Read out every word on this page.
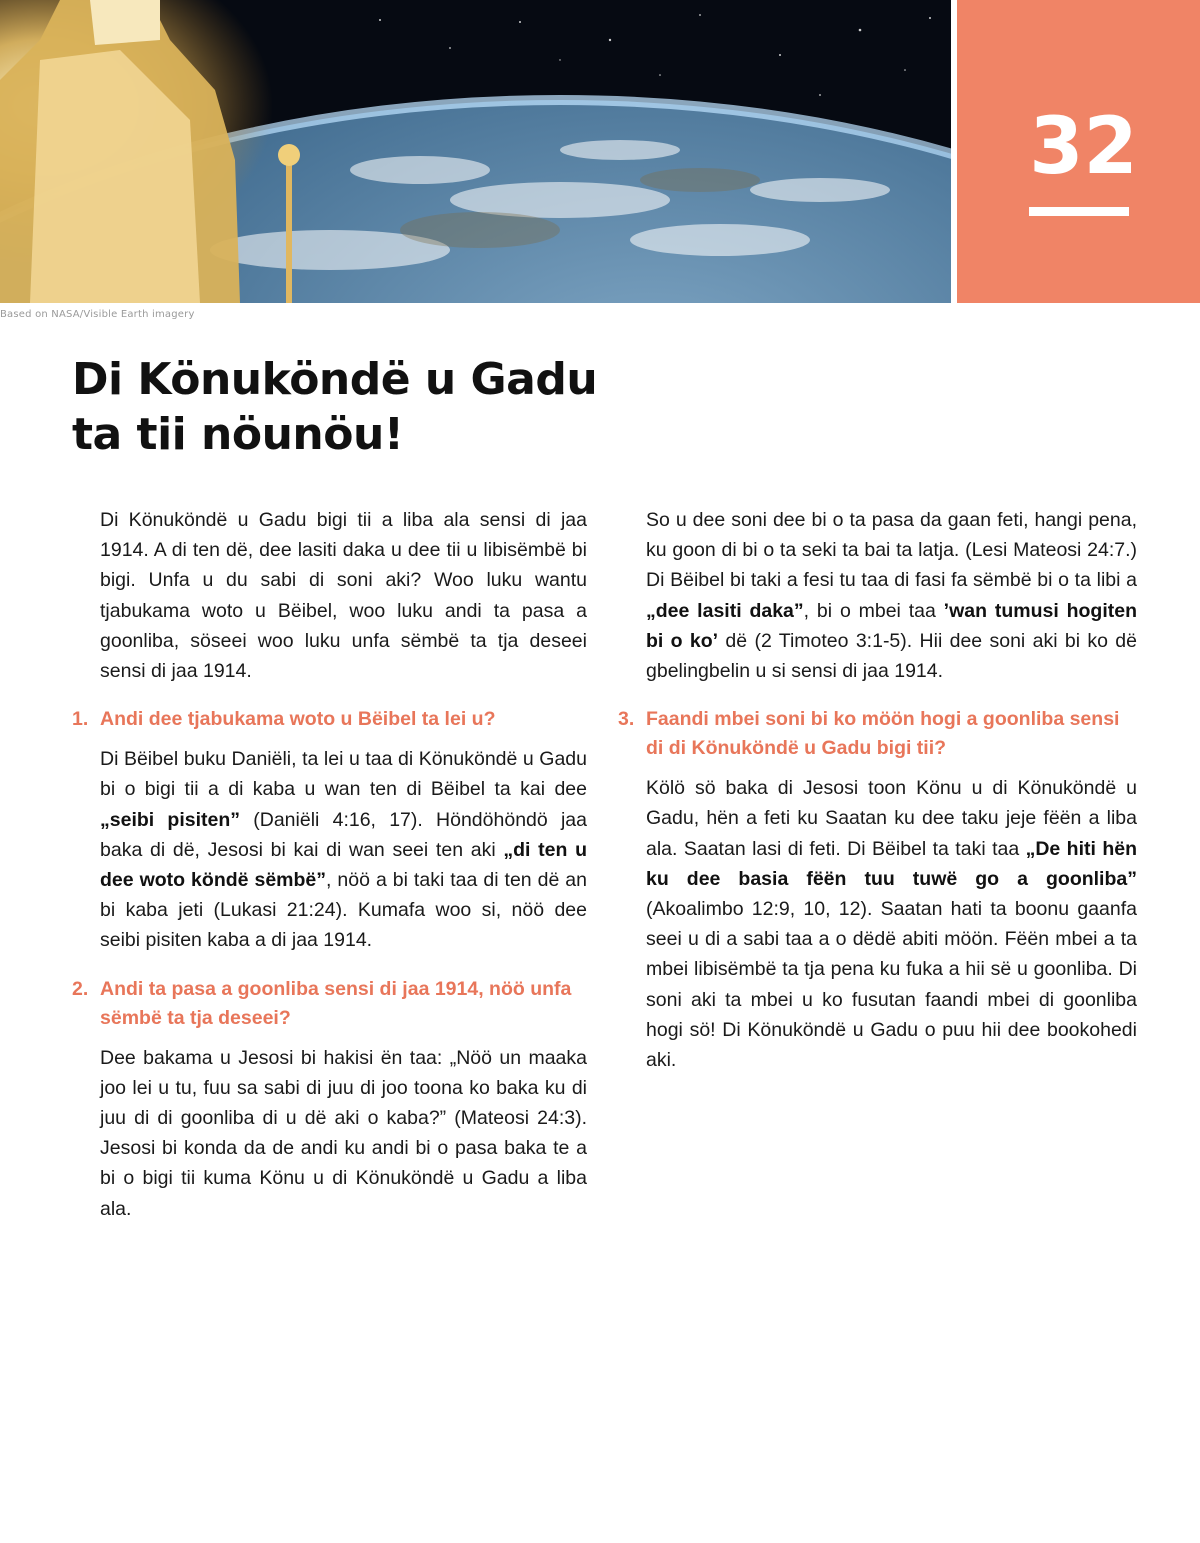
Based on NASA/Visible Earth imagery
32
Di Könuköndë u Gadu
ta tii nöunöu!

Di Könuköndë u Gadu bigi tii a liba ala sensi di jaa 1914. A di ten dë, dee lasiti daka u dee tii u libisëmbë bi bigi. Unfa u du sabi di soni aki? Woo luku wantu tjabukama woto u Bëibel, woo luku andi ta pasa a goonliba, söseei woo luku unfa sëmbë ta tja deseei sensi di jaa 1914.

1. Andi dee tjabukama woto u Bëibel ta lei u?

Di Bëibel buku Daniëli, ta lei u taa di Könuköndë u Gadu bi o bigi tii a di kaba u wan ten di Bëibel ta kai dee „seibi pisiten” (Daniëli 4:16, 17). Höndöhöndö jaa baka di dë, Jesosi bi kai di wan seei ten aki „di ten u dee woto köndë sëmbë”, nöö a bi taki taa di ten dë an bi kaba jeti (Lukasi 21:24). Kumafa woo si, nöö dee seibi pisiten kaba a di jaa 1914.

2. Andi ta pasa a goonliba sensi di jaa 1914, nöö unfa sëmbë ta tja deseei?

Dee bakama u Jesosi bi hakisi ën taa: „Nöö un maaka joo lei u tu, fuu sa sabi di juu di joo toona ko baka ku di juu di di goonliba di u dë aki o kaba?” (Mateosi 24:3). Jesosi bi konda da de andi ku andi bi o pasa baka te a bi o bigi tii kuma Könu u di Könuköndë u Gadu a liba ala.

So u dee soni dee bi o ta pasa da gaan feti, hangi pena, ku goon di bi o ta seki ta bai ta latja. (Lesi Mateosi 24:7.) Di Bëibel bi taki a fesi tu taa di fasi fa sëmbë bi o ta libi a „dee lasiti daka”, bi o mbei taa ’wan tumusi hogiten bi o ko’ dë (2 Timoteo 3:1-5). Hii dee soni aki bi ko dë gbelingbelin u si sensi di jaa 1914.

3. Faandi mbei soni bi ko möön hogi a goonliba sensi di di Könuköndë u Gadu bigi tii?

Kölö sö baka di Jesosi toon Könu u di Könuköndë u Gadu, hën a feti ku Saatan ku dee taku jeje fëën a liba ala. Saatan lasi di feti. Di Bëibel ta taki taa „De hiti hën ku dee basia fëën tuu tuwë go a goonliba” (Akoalimbo 12:9, 10, 12). Saatan hati ta boonu gaanfa seei u di a sabi taa a o dëdë abiti möön. Fëën mbei a ta mbei libisëmbë ta tja pena ku fuka a hii së u goonliba. Di soni aki ta mbei u ko fusutan faandi mbei di goonliba hogi sö! Di Könuköndë u Gadu o puu hii dee bookohedi aki.
